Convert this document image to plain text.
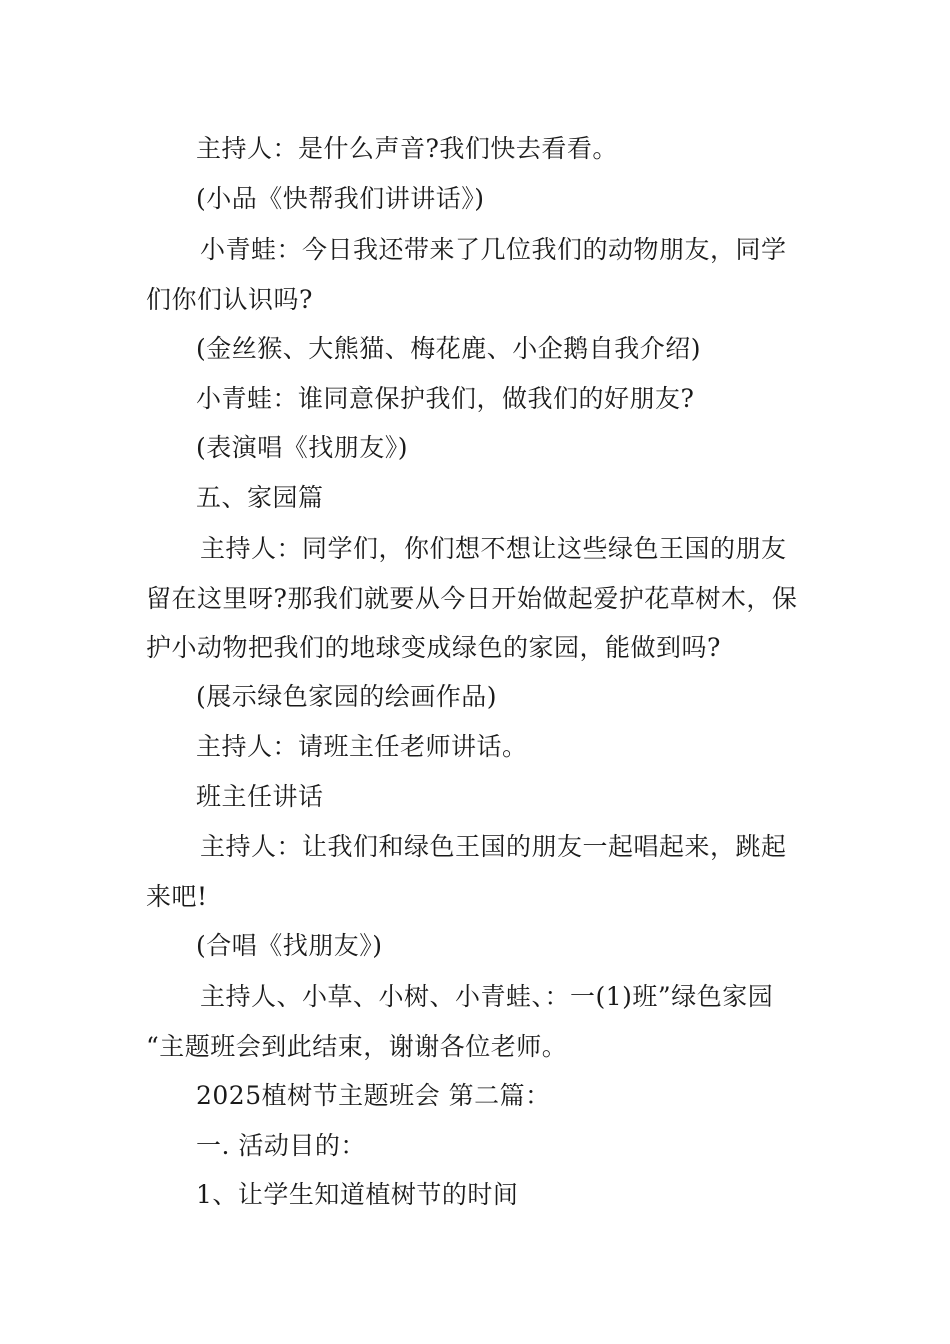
主持人：是什么声音?我们快去看看。
(小品《快帮我们讲讲话》)
小青蛙：今日我还带来了几位我们的动物朋友，同学
们你们认识吗?
(金丝猴、大熊猫、梅花鹿、小企鹅自我介绍)
小青蛙：谁同意保护我们，做我们的好朋友?
(表演唱《找朋友》)
五、家园篇
主持人：同学们，你们想不想让这些绿色王国的朋友
留在这里呀?那我们就要从今日开始做起爱护花草树木，保
护小动物把我们的地球变成绿色的家园，能做到吗?
(展示绿色家园的绘画作品)
主持人：请班主任老师讲话。
班主任讲话
主持人：让我们和绿色王国的朋友一起唱起来，跳起
来吧!
(合唱《找朋友》)
主持人、小草、小树、小青蛙、：一(1)班”绿色家园
“主题班会到此结束，谢谢各位老师。
2025植树节主题班会 第二篇：
一. 活动目的：
1、让学生知道植树节的时间
